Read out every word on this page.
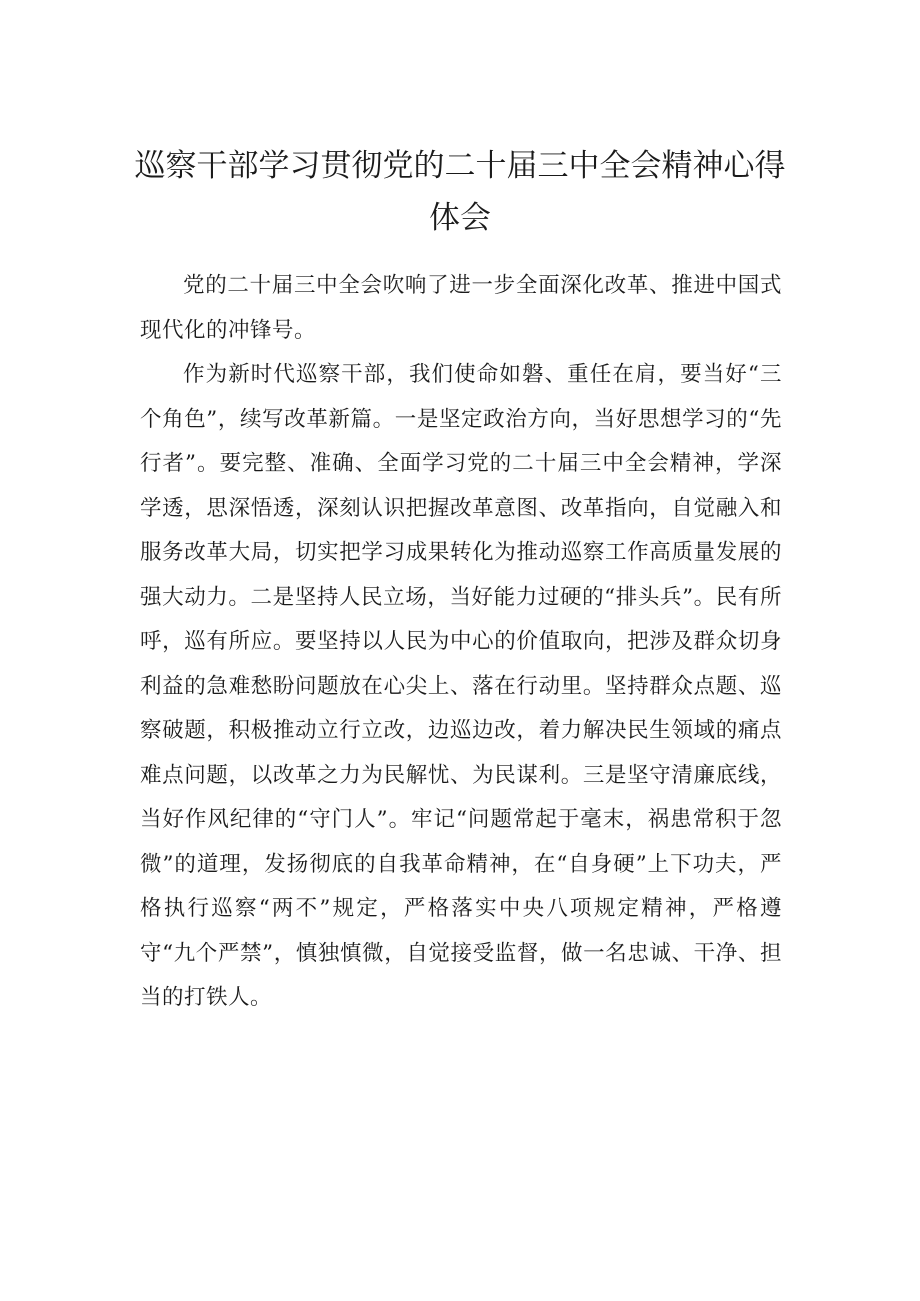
巡察干部学习贯彻党的二十届三中全会精神心得体会

党的二十届三中全会吹响了进一步全面深化改革、推进中国式现代化的冲锋号。

作为新时代巡察干部，我们使命如磐、重任在肩，要当好“三个角色”，续写改革新篇。一是坚定政治方向，当好思想学习的“先行者”。要完整、准确、全面学习党的二十届三中全会精神，学深学透，思深悟透，深刻认识把握改革意图、改革指向，自觉融入和服务改革大局，切实把学习成果转化为推动巡察工作高质量发展的强大动力。二是坚持人民立场，当好能力过硬的“排头兵”。民有所呼，巡有所应。要坚持以人民为中心的价值取向，把涉及群众切身利益的急难愁盼问题放在心尖上、落在行动里。坚持群众点题、巡察破题，积极推动立行立改，边巡边改，着力解决民生领域的痛点难点问题，以改革之力为民解忧、为民谋利。三是坚守清廉底线，当好作风纪律的“守门人”。牢记“问题常起于毫末，祸患常积于忽微”的道理，发扬彻底的自我革命精神，在“自身硬”上下功夫，严格执行巡察“两不”规定，严格落实中央八项规定精神，严格遵守“九个严禁”，慎独慎微，自觉接受监督，做一名忠诚、干净、担当的打铁人。
